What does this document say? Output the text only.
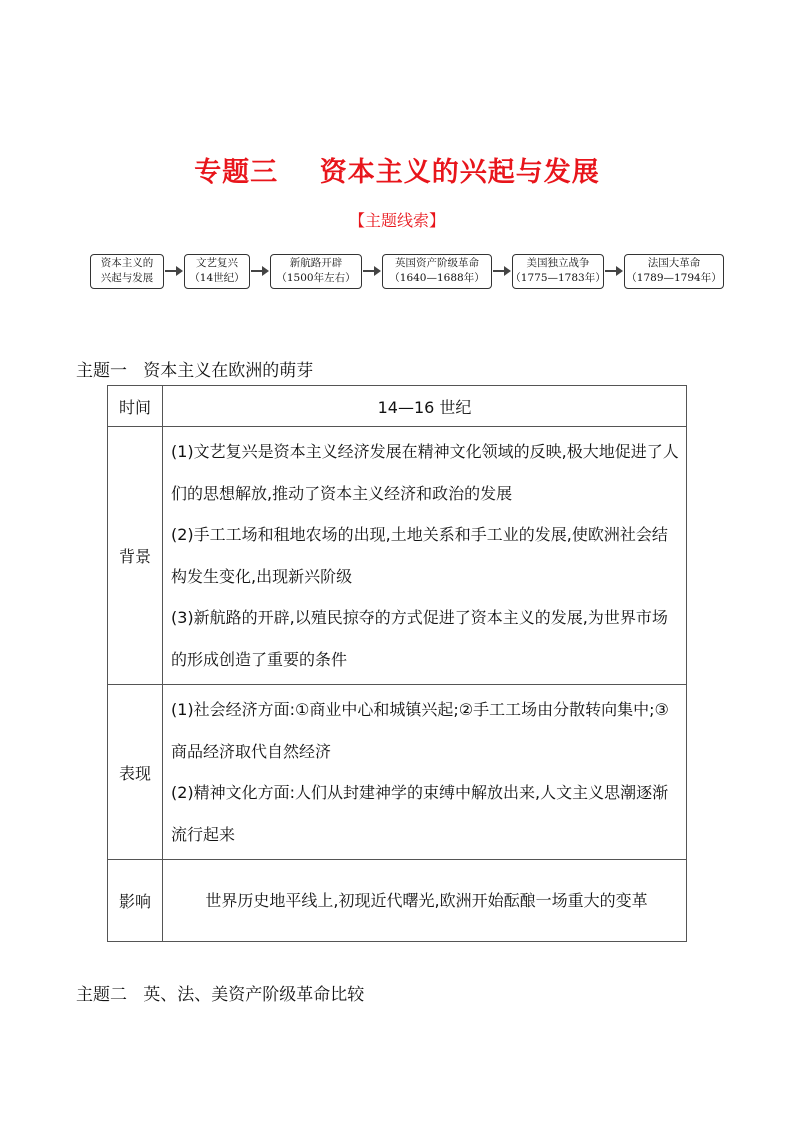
专题三    资本主义的兴起与发展
【主题线索】
资本主义的
兴起与发展
文艺复兴
（14世纪）
新航路开辟
（1500年左右）
英国资产阶级革命
（1640—1688年）
美国独立战争
（1775—1783年）
法国大革命
（1789—1794年）
主题一   资本主义在欧洲的萌芽
时间	14—16 世纪
背景	(1)文艺复兴是资本主义经济发展在精神文化领域的反映,极大地促进了人们的思想解放,推动了资本主义经济和政治的发展
(2)手工工场和租地农场的出现,土地关系和手工业的发展,使欧洲社会结构发生变化,出现新兴阶级
(3)新航路的开辟,以殖民掠夺的方式促进了资本主义的发展,为世界市场的形成创造了重要的条件

表现	(1)社会经济方面:①商业中心和城镇兴起;②手工工场由分散转向集中;③商品经济取代自然经济
(2)精神文化方面:人们从封建神学的束缚中解放出来,人文主义思潮逐渐流行起来

影响	世界历史地平线上,初现近代曙光,欧洲开始酝酿一场重大的变革
主题二   英、法、美资产阶级革命比较
